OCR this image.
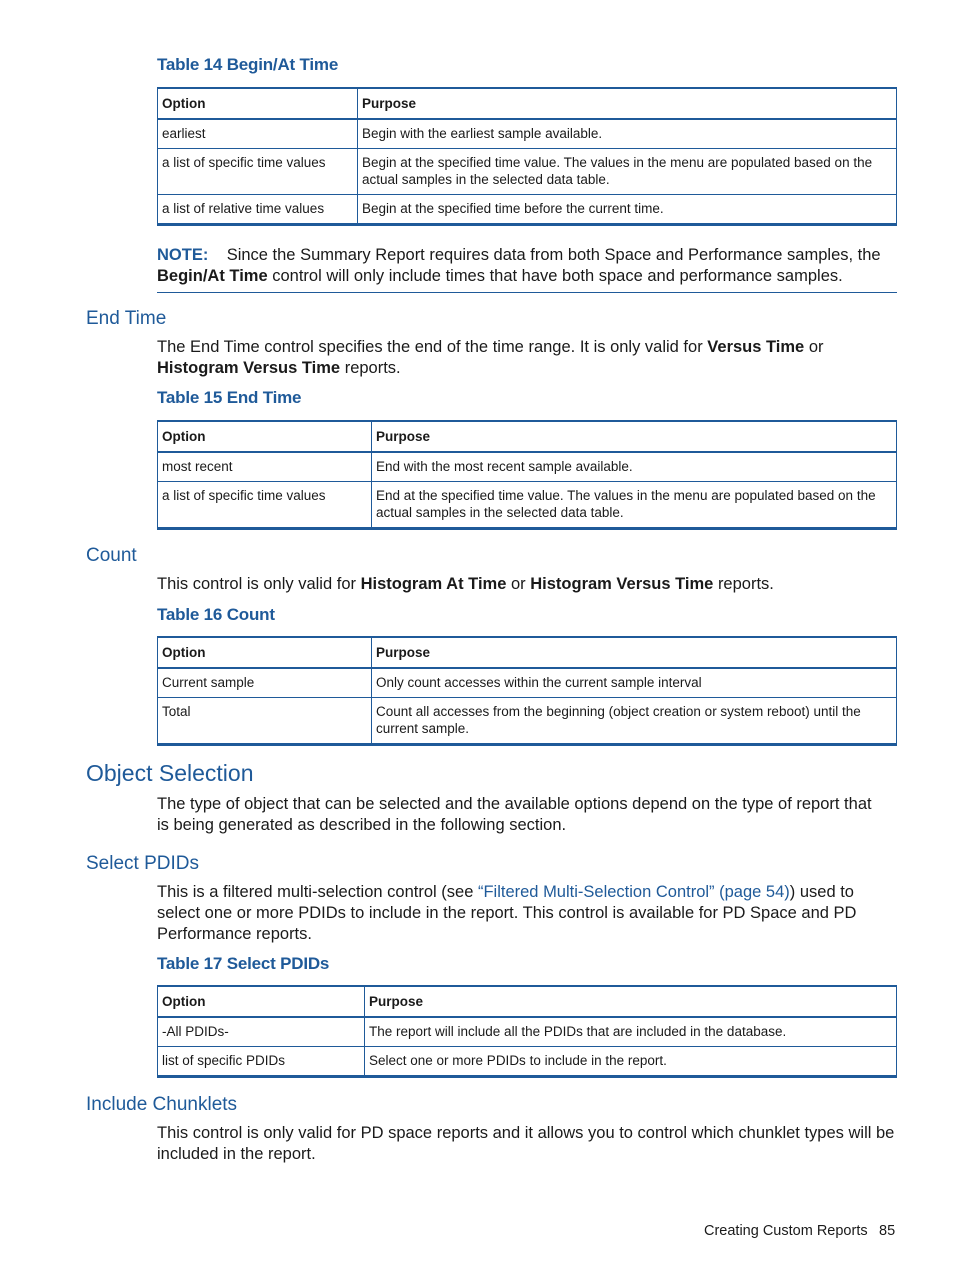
Table 14 Begin/At Time
Option	Purpose
earliest	Begin with the earliest sample available.
a list of specific time values	Begin at the specified time value. The values in the menu are populated based on the actual samples in the selected data table.
a list of relative time values	Begin at the specified time before the current time.
NOTE: Since the Summary Report requires data from both Space and Performance samples, the Begin/At Time control will only include times that have both space and performance samples.
End Time
The End Time control specifies the end of the time range. It is only valid for Versus Time or Histogram Versus Time reports.
Table 15 End Time
Option	Purpose
most recent	End with the most recent sample available.
a list of specific time values	End at the specified time value. The values in the menu are populated based on the actual samples in the selected data table.
Count
This control is only valid for Histogram At Time or Histogram Versus Time reports.
Table 16 Count
Option	Purpose
Current sample	Only count accesses within the current sample interval
Total	Count all accesses from the beginning (object creation or system reboot) until the current sample.
Object Selection
The type of object that can be selected and the available options depend on the type of report that is being generated as described in the following section.
Select PDIDs
This is a filtered multi-selection control (see “Filtered Multi-Selection Control” (page 54)) used to select one or more PDIDs to include in the report. This control is available for PD Space and PD Performance reports.
Table 17 Select PDIDs
Option	Purpose
-All PDIDs-	The report will include all the PDIDs that are included in the database.
list of specific PDIDs	Select one or more PDIDs to include in the report.
Include Chunklets
This control is only valid for PD space reports and it allows you to control which chunklet types will be included in the report.
Creating Custom Reports 85
